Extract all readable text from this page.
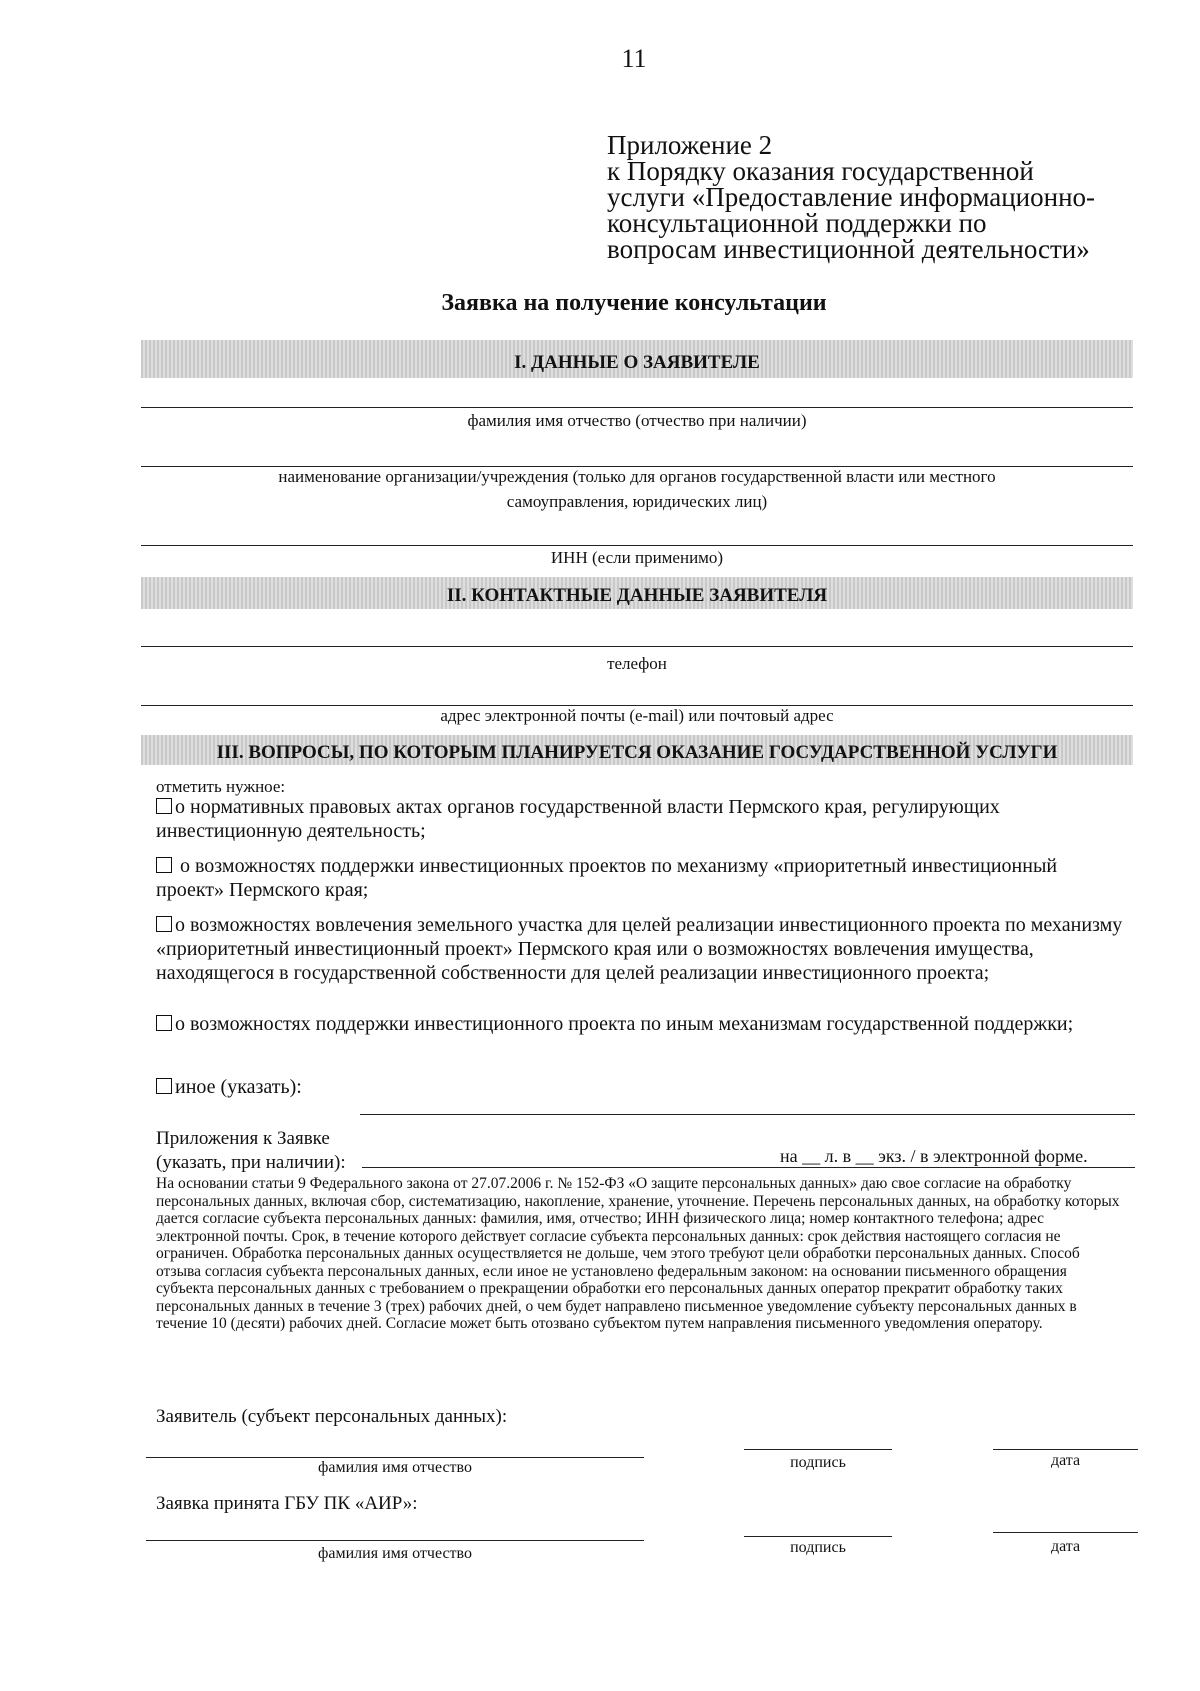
11
Приложение 2
к Порядку оказания государственной
услуги «Предоставление информационно-
консультационной поддержки по
вопросам инвестиционной деятельности»
Заявка на получение консультации
I. ДАННЫЕ О ЗАЯВИТЕЛЕ
фамилия имя отчество (отчество при наличии)
наименование организации/учреждения (только для органов государственной власти или местного
самоуправления, юридических лиц)
ИНН (если применимо)
II. КОНТАКТНЫЕ ДАННЫЕ ЗАЯВИТЕЛЯ
телефон
адрес электронной почты (e-mail) или почтовый адрес
III. ВОПРОСЫ, ПО КОТОРЫМ ПЛАНИРУЕТСЯ ОКАЗАНИЕ ГОСУДАРСТВЕННОЙ УСЛУГИ
отметить нужное:
о нормативных правовых актах органов государственной власти Пермского края, регулирующих инвестиционную деятельность;
о возможностях поддержки инвестиционных проектов по механизму «приоритетный инвестиционный проект» Пермского края;
о возможностях вовлечения земельного участка для целей реализации инвестиционного проекта по механизму «приоритетный инвестиционный проект» Пермского края или о возможностях вовлечения имущества, находящегося в государственной собственности для целей реализации инвестиционного проекта;
о возможностях поддержки инвестиционного проекта по иным механизмам государственной поддержки;
иное (указать):
Приложения к Заявке
(указать, при наличии):	на __ л. в __ экз. / в электронной форме.
На основании статьи 9 Федерального закона от 27.07.2006 г. № 152-ФЗ «О защите персональных данных» даю свое согласие на обработку персональных данных, включая сбор, систематизацию, накопление, хранение, уточнение. Перечень персональных данных, на обработку которых дается согласие субъекта персональных данных: фамилия, имя, отчество; ИНН физического лица; номер контактного телефона; адрес электронной почты. Срок, в течение которого действует согласие субъекта персональных данных: срок действия настоящего согласия не ограничен. Обработка персональных данных осуществляется не дольше, чем этого требуют цели обработки персональных данных. Способ отзыва согласия субъекта персональных данных, если иное не установлено федеральным законом: на основании письменного обращения субъекта персональных данных с требованием о прекращении обработки его персональных данных оператор прекратит обработку таких персональных данных в течение 3 (трех) рабочих дней, о чем будет направлено письменное уведомление субъекту персональных данных в течение 10 (десяти) рабочих дней. Согласие может быть отозвано субъектом путем направления письменного уведомления оператору.
Заявитель (субъект персональных данных):
фамилия имя отчество	подпись	дата
Заявка принята ГБУ ПК «АИР»:
фамилия имя отчество	подпись	дата
